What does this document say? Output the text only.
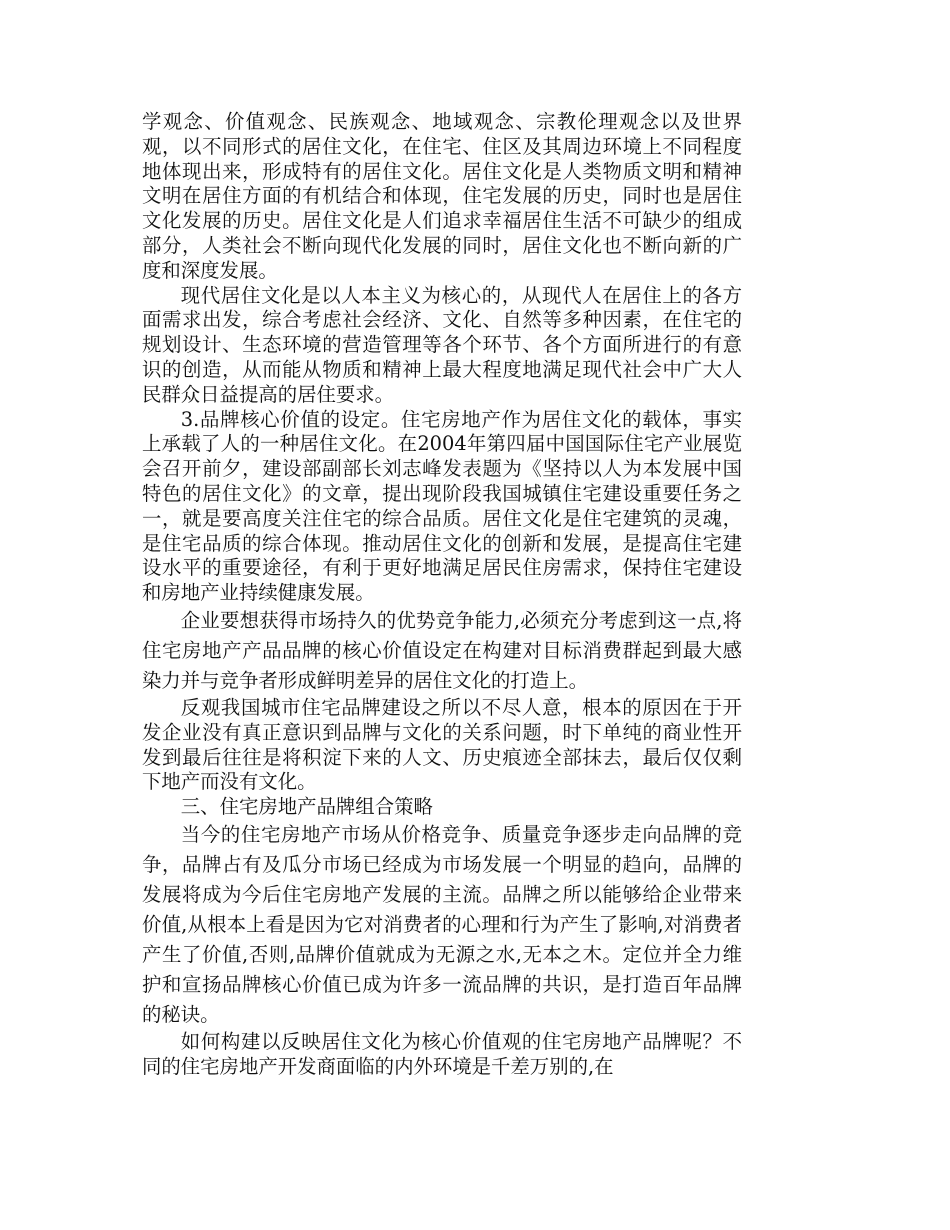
学观念、价值观念、民族观念、地域观念、宗教伦理观念以及世界观，以不同形式的居住文化，在住宅、住区及其周边环境上不同程度地体现出来，形成特有的居住文化。居住文化是人类物质文明和精神文明在居住方面的有机结合和体现，住宅发展的历史，同时也是居住文化发展的历史。居住文化是人们追求幸福居住生活不可缺少的组成部分，人类社会不断向现代化发展的同时，居住文化也不断向新的广度和深度发展。

现代居住文化是以人本主义为核心的，从现代人在居住上的各方面需求出发，综合考虑社会经济、文化、自然等多种因素，在住宅的规划设计、生态环境的营造管理等各个环节、各个方面所进行的有意识的创造，从而能从物质和精神上最大程度地满足现代社会中广大人民群众日益提高的居住要求。

3.品牌核心价值的设定。住宅房地产作为居住文化的载体，事实上承载了人的一种居住文化。在2004年第四届中国国际住宅产业展览会召开前夕，建设部副部长刘志峰发表题为《坚持以人为本发展中国特色的居住文化》的文章，提出现阶段我国城镇住宅建设重要任务之一，就是要高度关注住宅的综合品质。居住文化是住宅建筑的灵魂，是住宅品质的综合体现。推动居住文化的创新和发展，是提高住宅建设水平的重要途径，有利于更好地满足居民住房需求，保持住宅建设和房地产业持续健康发展。

企业要想获得市场持久的优势竞争能力,必须充分考虑到这一点,将住宅房地产产品品牌的核心价值设定在构建对目标消费群起到最大感染力并与竞争者形成鲜明差异的居住文化的打造上。

反观我国城市住宅品牌建设之所以不尽人意，根本的原因在于开发企业没有真正意识到品牌与文化的关系问题，时下单纯的商业性开发到最后往往是将积淀下来的人文、历史痕迹全部抹去，最后仅仅剩下地产而没有文化。

三、住宅房地产品牌组合策略

当今的住宅房地产市场从价格竞争、质量竞争逐步走向品牌的竞争，品牌占有及瓜分市场已经成为市场发展一个明显的趋向，品牌的发展将成为今后住宅房地产发展的主流。品牌之所以能够给企业带来价值,从根本上看是因为它对消费者的心理和行为产生了影响,对消费者产生了价值,否则,品牌价值就成为无源之水,无本之木。定位并全力维护和宣扬品牌核心价值已成为许多一流品牌的共识，是打造百年品牌的秘诀。

如何构建以反映居住文化为核心价值观的住宅房地产品牌呢？不同的住宅房地产开发商面临的内外环境是千差万别的,在
